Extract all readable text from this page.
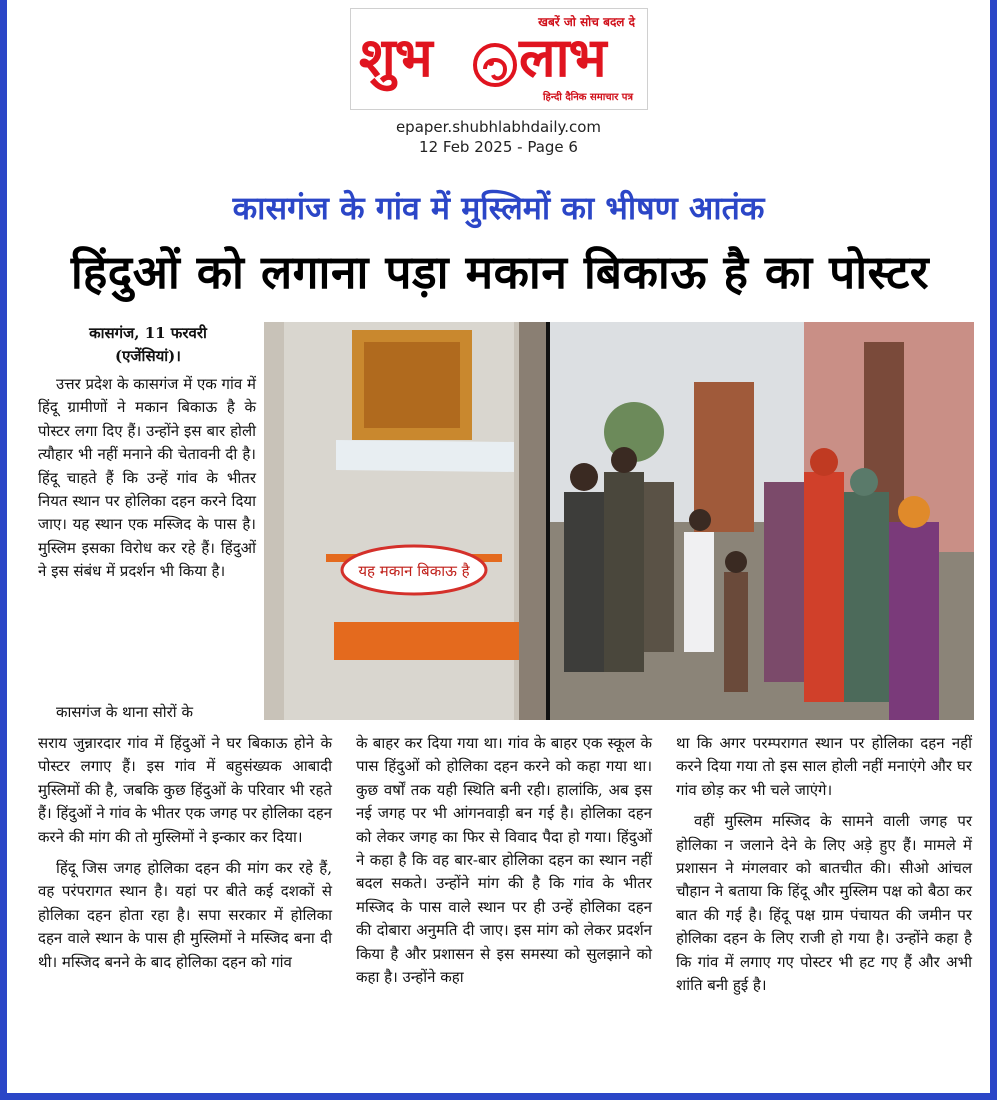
खबरें जो सोच बदल दे
शुभ लाभ
हिन्दी दैनिक समाचार पत्र
epaper.shubhlabhdaily.com
12 Feb 2025 - Page 6
कासगंज के गांव में मुस्लिमों का भीषण आतंक
हिंदुओं को लगाना पड़ा मकान बिकाऊ है का पोस्टर
कासगंज, 11 फरवरी
(एजेंसियां)।

उत्तर प्रदेश के कासगंज में एक गांव में हिंदू ग्रामीणों ने मकान बिकाऊ है के पोस्टर लगा दिए हैं। उन्होंने इस बार होली त्यौहार भी नहीं मनाने की चेतावनी दी है। हिंदू चाहते हैं कि उन्हें गांव के भीतर नियत स्थान पर होलिका दहन करने दिया जाए। यह स्थान एक मस्जिद के पास है। मुस्लिम इसका विरोध कर रहे हैं। हिंदुओं ने इस संबंध में प्रदर्शन भी किया है।

कासगंज के थाना सोरों के

यह मकान बिकाऊ है

सराय जुन्नारदार गांव में हिंदुओं ने घर बिकाऊ होने के पोस्टर लगाए हैं। इस गांव में बहुसंख्यक आबादी मुस्लिमों की है, जबकि कुछ हिंदुओं के परिवार भी रहते हैं। हिंदुओं ने गांव के भीतर एक जगह पर होलिका दहन करने की मांग की तो मुस्लिमों ने इन्कार कर दिया।

हिंदू जिस जगह होलिका दहन की मांग कर रहे हैं, वह परंपरागत स्थान है। यहां पर बीते कई दशकों से होलिका दहन होता रहा है। सपा सरकार में होलिका दहन वाले स्थान के पास ही मुस्लिमों ने मस्जिद बना दी थी। मस्जिद बनने के बाद होलिका दहन को गांव

के बाहर कर दिया गया था। गांव के बाहर एक स्कूल के पास हिंदुओं को होलिका दहन करने को कहा गया था। कुछ वर्षों तक यही स्थिति बनी रही। हालांकि, अब इस नई जगह पर भी आंगनवाड़ी बन गई है। होलिका दहन को लेकर जगह का फिर से विवाद पैदा हो गया। हिंदुओं ने कहा है कि वह बार-बार होलिका दहन का स्थान नहीं बदल सकते। उन्होंने मांग की है कि गांव के भीतर मस्जिद के पास वाले स्थान पर ही उन्हें होलिका दहन की दोबारा अनुमति दी जाए। इस मांग को लेकर प्रदर्शन किया है और प्रशासन से इस समस्या को सुलझाने को कहा है। उन्होंने कहा

था कि अगर परम्परागत स्थान पर होलिका दहन नहीं करने दिया गया तो इस साल होली नहीं मनाएंगे और घर गांव छोड़ कर भी चले जाएंगे।

वहीं मुस्लिम मस्जिद के सामने वाली जगह पर होलिका न जलाने देने के लिए अड़े हुए हैं। मामले में प्रशासन ने मंगलवार को बातचीत की। सीओ आंचल चौहान ने बताया कि हिंदू और मुस्लिम पक्ष को बैठा कर बात की गई है। हिंदू पक्ष ग्राम पंचायत की जमीन पर होलिका दहन के लिए राजी हो गया है। उन्होंने कहा है कि गांव में लगाए गए पोस्टर भी हट गए हैं और अभी शांति बनी हुई है।
